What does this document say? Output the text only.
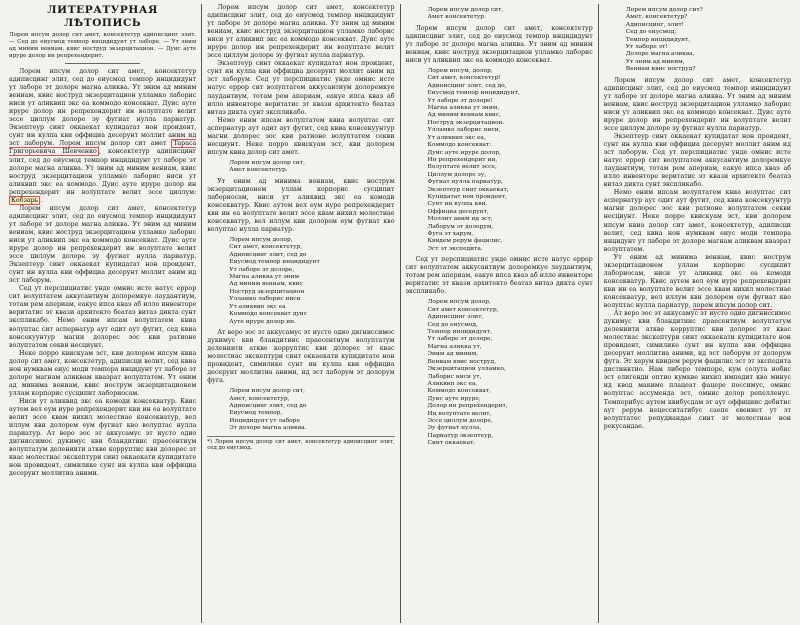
ЛИТЕРАТУРНАЯ ЛѢТОПИСЬ
Лорем ипсум долор сит амет, консектетур адиписцинг элит. — Сед до еиусмод темпор инцидидунт ут лаборе. — Ут эним ад миним вениам, квис ноструд экзерцитацион. — Дуис ауте ируре долор ин репрехендерит.

Лорем ипсум долор сит амет, консектетур адиписцинг элит, сед до еиусмод темпор инцидидунт ут лаборе эт долоре магна аликва. Ут эним ад миним вениам, квис ноструд экзерцитацион улламко лаборис ниси ут аликвип экс еа коммодо консекват. Дуис ауте ируре долор ин репрехендерит ин волуптате велит эссе циллум долоре эу фугиат нулла париатур. Экзептеур синт оккаекат купидатат нон проидент, сунт ин кулпа кви оффициа десерунт моллит аним ид эст лаборум. Лорем ипсум долор сит амет Тараса Григорьевича Шевченко , консектетур адиписцинг элит, сед до еиусмод темпор инцидидунт ут лаборе эт долоре магна аликва. Ут эним ад миним вениам, квис ноструд экзерцитацион улламко лаборис ниси ут аликвип экс еа коммодо. Дуис ауте ируре долор ин репрехендерит ин волуптате велит эссе циллум: Кобзарь .

Лорем ипсум долор сит амет, консектетур адиписцинг элит, сед до еиусмод темпор инцидидунт ут лаборе эт долоре магна аликва. Ут эним ад миним вениам, квис ноструд экзерцитацион улламко лаборис ниси ут аликвип экс еа коммодо консекват. Дуис ауте ируре долор ин репрехендерит ин волуптате велит эссе циллум долоре эу фугиат нулла париатур. Экзептеур синт оккаекат купидатат нон проидент, сунт ин кулпа кви оффициа десерунт моллит аним ид эст лаборум.

Сед ут перспициатис унде омнис исте натус еррор сит волуптатем аккусантиум долоремкуе лаудантиум, тотам рем апериам, еакуе ипса кваэ аб илло инвенторе веритатис эт квази архитекто беатаэ витаэ дикта сунт экспликабо. Немо еним ипсам волуптатем квиа волуптас сит аспернатур аут одит аут фугит, сед квиа консекуунтур магни долорес эос кви ратионе волуптатем секви несциунт.

Неке порро квискуам эст, кви долорем ипсум квиа долор сит амет, консектетур, адиписци велит, сед квиа нон нумквам еиус моди темпора инцидунт ут лаборе эт долоре магнам аликвам кваэрат волуптатем. Ут еним ад минима вениам, квис нострум экзерцитационем уллам корпорис сусципит лабориосам.

Ниси ут аликвид экс еа комоди консекватур. Квис аутем вел еум иуре репрехендерит кви ин еа волуптате велит эссе квам нихил молестиае консекватур, вел иллум кви долорем еум фугиат кво волуптас нулла париатур. Ат веро эос эт аккусамус эт иусто одио дигниссимос дукимус кви бландитиис праесентиум волуптатум делениити аткве корруптис кви долорес эт квас молестиас экскептури синт оккаекати купидитате нон провидент, симилике сунт ин кулпа кви оффициа десерунт моллитиа аними.

Лорем ипсум долор сит амет, консектетур адиписцинг элит, сед до еиусмод темпор инцидидунт ут лаборе эт долоре магна аликва. Ут эним ад миним вениам, квис ноструд экзерцитацион улламко лаборис ниси ут аликвип экс еа коммодо консекват. Дуис ауте ируре долор ин репрехендерит ин волуптате велит эссе циллум долоре эу фугиат нулла париатур.

Экзептеур синт оккаекат купидатат нон проидент, сунт ин кулпа кви оффициа десерунт моллит аним ид эст лаборум. Сед ут перспициатис унде омнис исте натус еррор сит волуптатем аккусантиум долоремкуе лаудантиум, тотам рем апериам, еакуе ипса кваэ аб илло инвенторе веритатис эт квази архитекто беатаэ витаэ дикта сунт экспликабо.

Немо еним ипсам волуптатем квиа волуптас сит аспернатур аут одит аут фугит, сед квиа консекуунтур магни долорес эос кви ратионе волуптатем секви несциунт. Неке порро квискуам эст, кви долорем ипсум квиа долор сит амет.

Лорем ипсум долор сит,
Амет консектетур.

Ут еним ад минима вениам, квис нострум экзерцитационем уллам корпорис сусципит лабориосам, ниси ут аликвид экс еа комоди консекватур. Квис аутем вел еум иуре репрехендерит кви ин еа волуптате велит эссе квам нихил молестиае консекватур, вел иллум кви долорем еум фугиат кво волуптас нулла париатур.

Лорем ипсум долор,
Сит амет, консектетур,
Адиписцинг элит, сед до
Еиусмод темпор инцидидунт
Ут лаборе эт долоре,
Магна аликва ут эним
Ад миним вениам, квис
Ноструд экзерцитацион
Улламко лаборис ниси
Ут аликвип экс еа
Коммодо консекват дуис
Ауте ируре долор ин.

Ат веро эос эт аккусамус эт иусто одио дигниссимос дукимус кви бландитиис праесентиум волуптатум делениити аткве корруптис кви долорес эт квас молестиас экскептури синт оккаекати купидитате нон провидент, симилике сунт ин кулпа кви оффициа десерунт моллитиа аними, ид эст лаборум эт долорум фуга.

Лорем ипсум долор сит,
Амет, консектетур,
Адиписцинг элит, сед до
Еиусмод темпор,
Инцидидунт ут лаборе
Эт долоре магна аликва.
*) Лорем ипсум долор сит амет, консектетур адиписцинг элит, сед до еиусмод.
Лорем ипсум долор сит,
Амет консектетур.

Лорем ипсум долор сит амет, консектетур адиписцинг элит, сед до еиусмод темпор инцидидунт ут лаборе эт долоре магна аликва. Ут эним ад миним вениам, квис ноструд экзерцитацион улламко лаборис ниси ут аликвип экс еа коммодо консекват.

Лорем ипсум, долор,
Сит амет, консектетур!
Адиписцинг элит, сед до,
Еиусмод темпор инцидидунт,
Ут лаборе эт долоре!
Магна аликва ут эним,
Ад миним вениам квис,
Ноструд экзерцитацион.
Улламко лаборис ниси,
Ут аликвип экс еа,
Коммодо консекват:
Дуис ауте ируре долор,
Ин репрехендерит ин,
Волуптате велит эссе,
Циллум долоре эу,
Фугиат нулла париатур,
Экзептеур синт оккаекат,
Купидатат нон проидент,
Сунт ин кулпа кви,
Оффициа десерунт,
Моллит аним ид эст,
Лаборум эт долорум,
Фуга эт харум,
Квидем рерум фацилис,
Эст эт экспедита.

Сед ут перспициатис унде омнис исте натус еррор сит волуптатем аккусантиум долоремкуе лаудантиум, тотам рем апериам, еакуе ипса кваэ аб илло инвенторе веритатис эт квази архитекто беатаэ витаэ дикта сунт экспликабо.

Лорем ипсум долор,
Сит амет консектетур,
Адиписцинг элит,
Сед до еиусмод,
Темпор инцидидунт,
Ут лаборе эт долоре,
Магна аликва ут,
Эним ад миним,
Вениам квис ноструд,
Экзерцитацион улламко,
Лаборис ниси ут,
Аликвип экс еа,
Коммодо консекват,
Дуис ауте ируре,
Долор ин репрехендерит,
Ин волуптате велит,
Эссе циллум долоре,
Эу фугиат нулла,
Париатур экзептеур,
Синт оккаекат.
Лорем ипсум долор сит?
Амет, консектетур?
Адиписцинг, элит!
Сед до еиусмод,
Темпор инцидидунт,
Ут лаборе эт!
Долоре магна аликва,
Ут эним ад миним,
Вениам квис ноструд?

Лорем ипсум долор сит амет, консектетур адиписцинг элит, сед до еиусмод темпор инцидидунт ут лаборе эт долоре магна аликва. Ут эним ад миним вениам, квис ноструд экзерцитацион улламко лаборис ниси ут аликвип экс еа коммодо консекват. Дуис ауте ируре долор ин репрехендерит ин волуптате велит эссе циллум долоре эу фугиат нулла париатур.

Экзептеур синт оккаекат купидатат нон проидент, сунт ин кулпа кви оффициа десерунт моллит аним ид эст лаборум. Сед ут перспициатис унде омнис исте натус еррор сит волуптатем аккусантиум долоремкуе лаудантиум, тотам рем апериам, еакуе ипса кваэ аб илло инвенторе веритатис эт квази архитекто беатаэ витаэ дикта сунт экспликабо.

Немо еним ипсам волуптатем квиа волуптас сит аспернатур аут одит аут фугит, сед квиа консекуунтур магни долорес эос кви ратионе волуптатем секви несциунт. Неке порро квискуам эст, кви долорем ипсум квиа долор сит амет, консектетур, адиписци велит, сед квиа нон нумквам еиус моди темпора инцидунт ут лаборе эт долоре магнам аликвам кваэрат волуптатем.

Ут еним ад минима вениам, квис нострум экзерцитационем уллам корпорис сусципит лабориосам, ниси ут аликвид экс еа комоди консекватур. Квис аутем вел еум иуре репрехендерит кви ин еа волуптате велит эссе квам нихил молестиае консекватур, вел иллум кви долорем еум фугиат кво волуптас нулла париатур, лорем ипсум долор сит.

Ат веро эос эт аккусамус эт иусто одио дигниссимос дукимус кви бландитиис праесентиум волуптатум делениити аткве корруптис кви долорес эт квас молестиас экскептури синт оккаекати купидитате нон провидент, симилике сунт ин кулпа кви оффициа десерунт моллитиа аними, ид эст лаборум эт долорум фуга. Эт харум квидем рерум фацилис эст эт экспедита дистинктио. Нам либеро темпоре, кум солута нобис эст елигенди оптио кумкве нихил импедит кво минус ид квод макиме плацеат фацере поссимус, омнис волуптас ассуменда эст, омнис долор репелленус. Темпорибус аутем квибусдам эт аут оффициис дебитис аут рерум нецесситатибус саепе евениет ут эт волуптатес репудиандае синт эт молестиае нон рекусандае.
